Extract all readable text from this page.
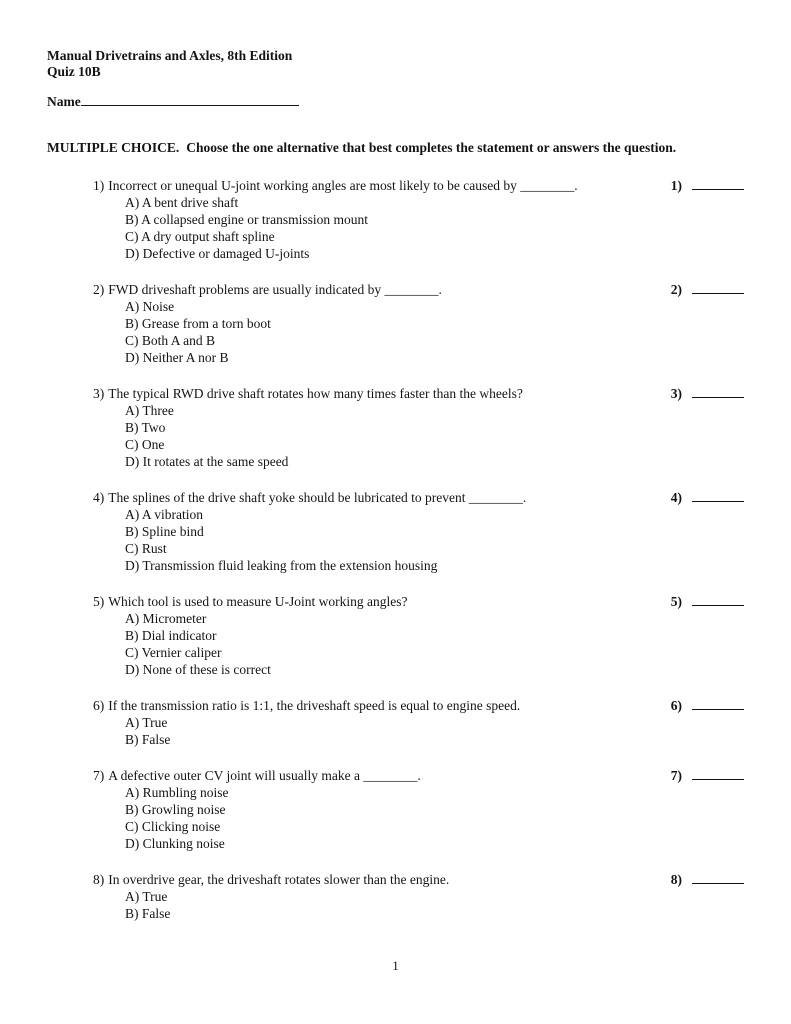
Manual Drivetrains and Axles, 8th Edition
Quiz 10B
Name
MULTIPLE CHOICE. Choose the one alternative that best completes the statement or answers the question.
1) Incorrect or unequal U-joint working angles are most likely to be caused by ________.	1)
A) A bent drive shaft
B) A collapsed engine or transmission mount
C) A dry output shaft spline
D) Defective or damaged U-joints
2) FWD driveshaft problems are usually indicated by ________.	2)
A) Noise
B) Grease from a torn boot
C) Both A and B
D) Neither A nor B
3) The typical RWD drive shaft rotates how many times faster than the wheels?	3)
A) Three
B) Two
C) One
D) It rotates at the same speed
4) The splines of the drive shaft yoke should be lubricated to prevent ________.	4)
A) A vibration
B) Spline bind
C) Rust
D) Transmission fluid leaking from the extension housing
5) Which tool is used to measure U-Joint working angles?	5)
A) Micrometer
B) Dial indicator
C) Vernier caliper
D) None of these is correct
6) If the transmission ratio is 1:1, the driveshaft speed is equal to engine speed.	6)
A) True
B) False
7) A defective outer CV joint will usually make a ________.	7)
A) Rumbling noise
B) Growling noise
C) Clicking noise
D) Clunking noise
8) In overdrive gear, the driveshaft rotates slower than the engine.	8)
A) True
B) False
1
